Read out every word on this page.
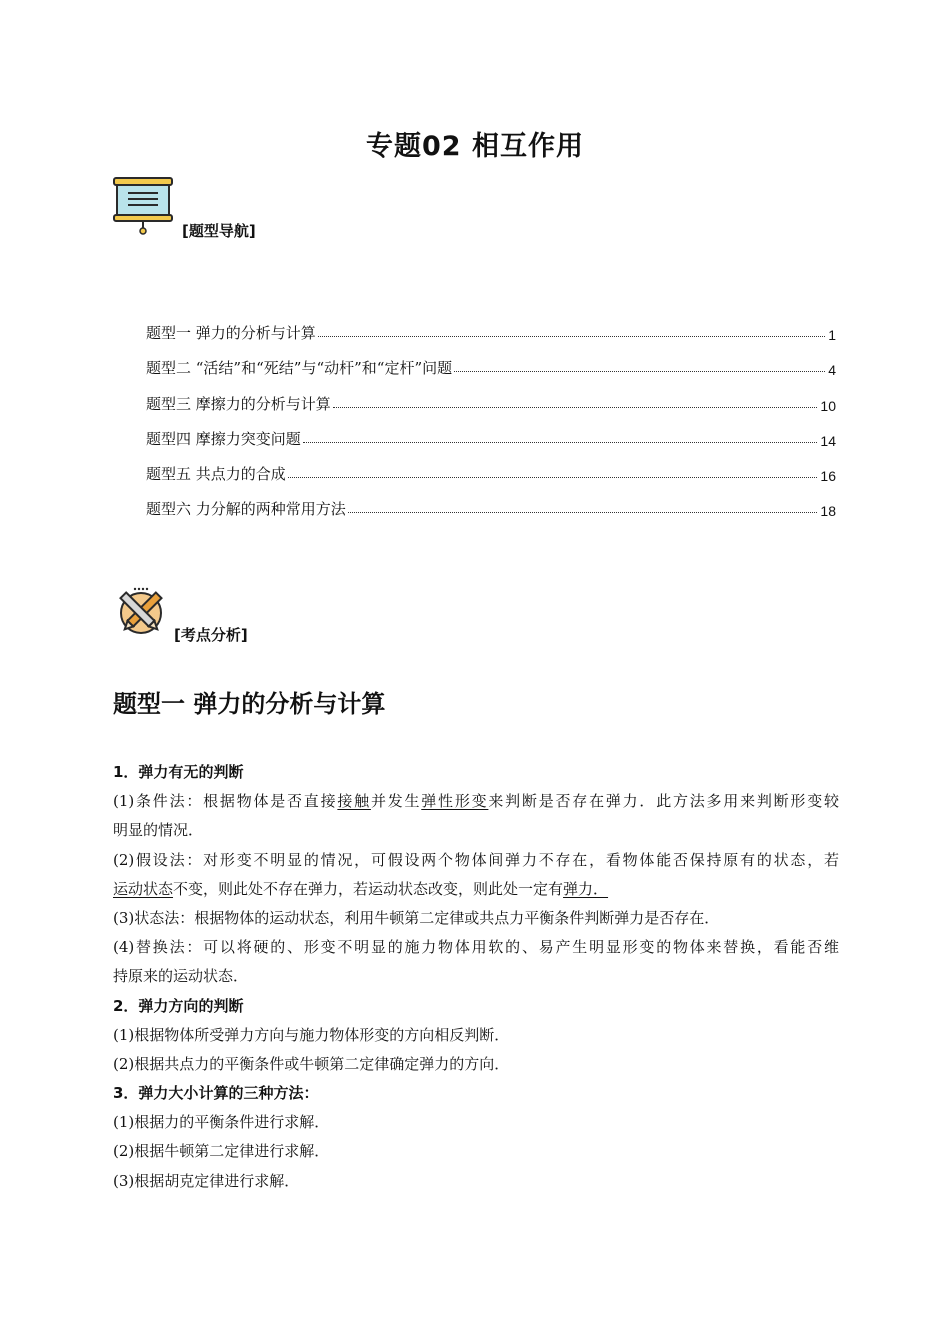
专题02 相互作用
[题型导航]
题型一 弹力的分析与计算	1
题型二 “活结”和“死结”与“动杆”和“定杆”问题	4
题型三 摩擦力的分析与计算	10
题型四 摩擦力突变问题	14
题型五 共点力的合成	16
题型六 力分解的两种常用方法	18
[考点分析]
题型一 弹力的分析与计算
1．弹力有无的判断
(1)条件法：根据物体是否直接接触并发生弹性形变来判断是否存在弹力．此方法多用来判断形变较
明显的情况．
(2)假设法：对形变不明显的情况，可假设两个物体间弹力不存在，看物体能否保持原有的状态，若
运动状态不变，则此处不存在弹力，若运动状态改变，则此处一定有弹力．
(3)状态法：根据物体的运动状态，利用牛顿第二定律或共点力平衡条件判断弹力是否存在．
(4)替换法：可以将硬的、形变不明显的施力物体用软的、易产生明显形变的物体来替换，看能否维
持原来的运动状态．
2．弹力方向的判断
(1)根据物体所受弹力方向与施力物体形变的方向相反判断．
(2)根据共点力的平衡条件或牛顿第二定律确定弹力的方向．
3．弹力大小计算的三种方法：
(1)根据力的平衡条件进行求解．
(2)根据牛顿第二定律进行求解．
(3)根据胡克定律进行求解．
